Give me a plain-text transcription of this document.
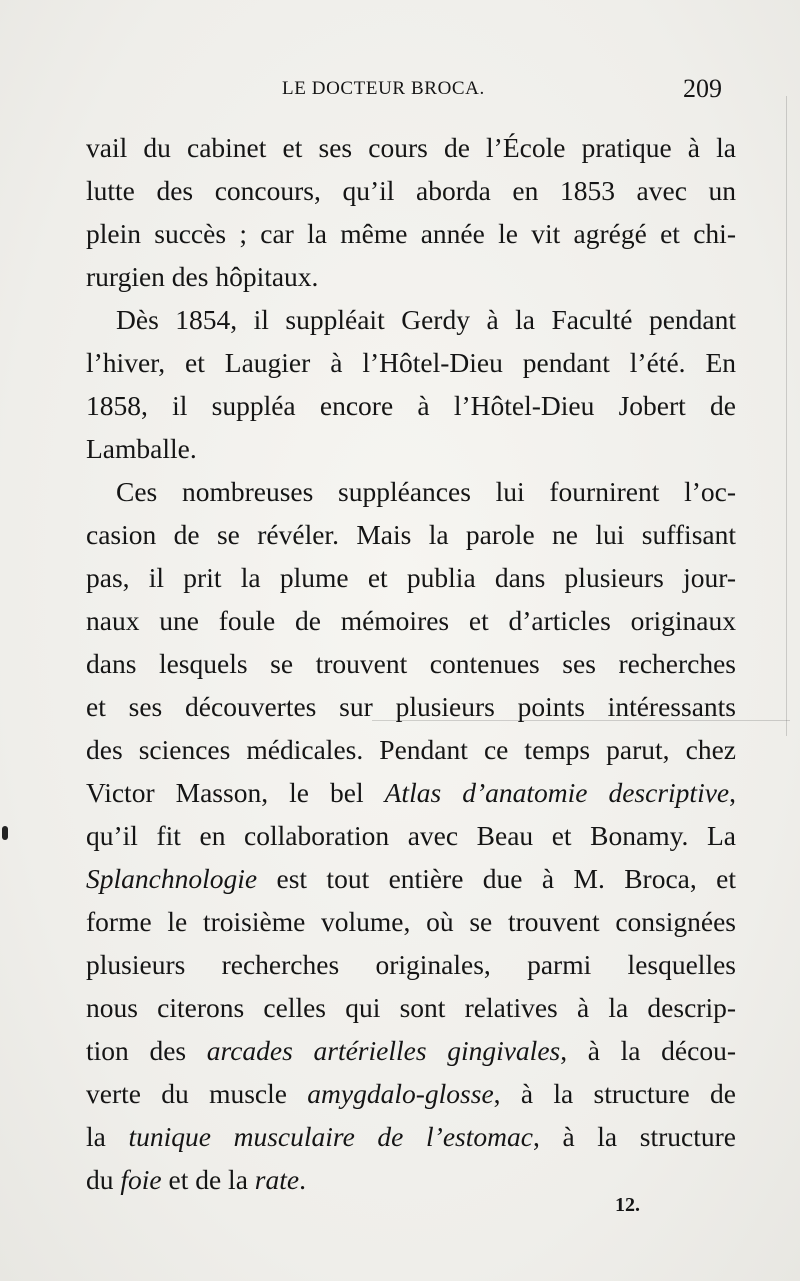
LE DOCTEUR BROCA.	209
vail du cabinet et ses cours de l’École pratique à la
lutte des concours, qu’il aborda en 1853 avec un
plein succès ; car la même année le vit agrégé et chi-
rurgien des hôpitaux.
Dès 1854, il suppléait Gerdy à la Faculté pendant
l’hiver, et Laugier à l’Hôtel-Dieu pendant l’été. En
1858, il suppléa encore à l’Hôtel-Dieu Jobert de
Lamballe.
Ces nombreuses suppléances lui fournirent l’oc-
casion de se révéler. Mais la parole ne lui suffisant
pas, il prit la plume et publia dans plusieurs jour-
naux une foule de mémoires et d’articles originaux
dans lesquels se trouvent contenues ses recherches
et ses découvertes sur plusieurs points intéressants
des sciences médicales. Pendant ce temps parut, chez
Victor Masson, le bel Atlas d’anatomie descriptive,
qu’il fit en collaboration avec Beau et Bonamy. La
Splanchnologie est tout entière due à M. Broca, et
forme le troisième volume, où se trouvent consignées
plusieurs recherches originales, parmi lesquelles
nous citerons celles qui sont relatives à la descrip-
tion des arcades artérielles gingivales, à la décou-
verte du muscle amygdalo-glosse, à la structure de
la tunique musculaire de l’estomac, à la structure
du foie et de la rate.
12.
